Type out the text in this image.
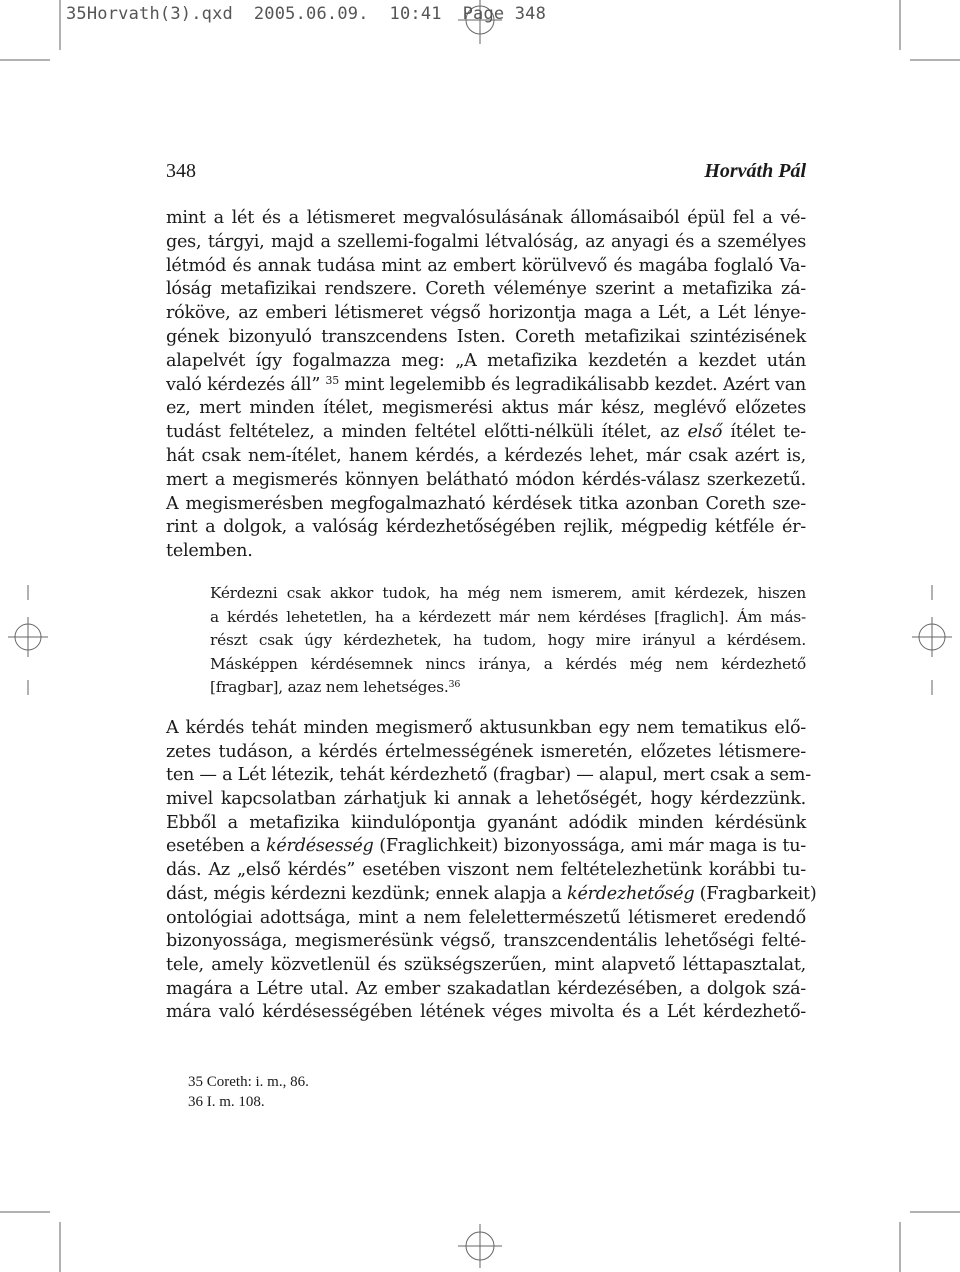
35Horvath(3).qxd 2005.06.09. 10:41 Page 348
348	Horváth Pál
mint a lét és a létismeret megvalósulásának állomásaiból épül fel a vé-
ges, tárgyi, majd a szellemi-fogalmi létvalóság, az anyagi és a személyes
létmód és annak tudása mint az embert körülvevő és magába foglaló Va-
lóság metafizikai rendszere. Coreth véleménye szerint a metafizika zá-
róköve, az emberi létismeret végső horizontja maga a Lét, a Lét lénye-
gének bizonyuló transzcendens Isten. Coreth metafizikai szintézisének
alapelvét így fogalmazza meg: „A metafizika kezdetén a kezdet után
való kérdezés áll” $^{35}$ mint legelemibb és legradikálisabb kezdet. Azért van
ez, mert minden ítélet, megismerési aktus már kész, meglévő előzetes
tudást feltételez, a minden feltétel előtti-nélküli ítélet, az első ítélet te-
hát csak nem-ítélet, hanem kérdés, a kérdezés lehet, már csak azért is,
mert a megismerés könnyen belátható módon kérdés-válasz szerkezetű.
A megismerésben megfogalmazható kérdések titka azonban Coreth sze-
rint a dolgok, a valóság kérdezhetőségében rejlik, mégpedig kétféle ér-
telemben.
Kérdezni csak akkor tudok, ha még nem ismerem, amit kérdezek, hiszen
a kérdés lehetetlen, ha a kérdezett már nem kérdéses [fraglich]. Ám más-
részt csak úgy kérdezhetek, ha tudom, hogy mire irányul a kérdésem.
Másképpen kérdésemnek nincs iránya, a kérdés még nem kérdezhető
[fragbar], azaz nem lehetséges.$^{36}$
A kérdés tehát minden megismerő aktusunkban egy nem tematikus elő-
zetes tudáson, a kérdés értelmességének ismeretén, előzetes létismere-
ten — a Lét létezik, tehát kérdezhető (fragbar) — alapul, mert csak a sem-
mivel kapcsolatban zárhatjuk ki annak a lehetőségét, hogy kérdezzünk.
Ebből a metafizika kiindulópontja gyanánt adódik minden kérdésünk
esetében a kérdésesség (Fraglichkeit) bizonyossága, ami már maga is tu-
dás. Az „első kérdés” esetében viszont nem feltételezhetünk korábbi tu-
dást, mégis kérdezni kezdünk; ennek alapja a kérdezhetőség (Fragbarkeit)
ontológiai adottsága, mint a nem felelettermészetű létismeret eredendő
bizonyossága, megismerésünk végső, transzcendentális lehetőségi felté-
tele, amely közvetlenül és szükségszerűen, mint alapvető léttapasztalat,
magára a Létre utal. Az ember szakadatlan kérdezésében, a dolgok szá-
mára való kérdésességében létének véges mivolta és a Lét kérdezhető-
35 Coreth: i. m., 86.
36 I. m. 108.
